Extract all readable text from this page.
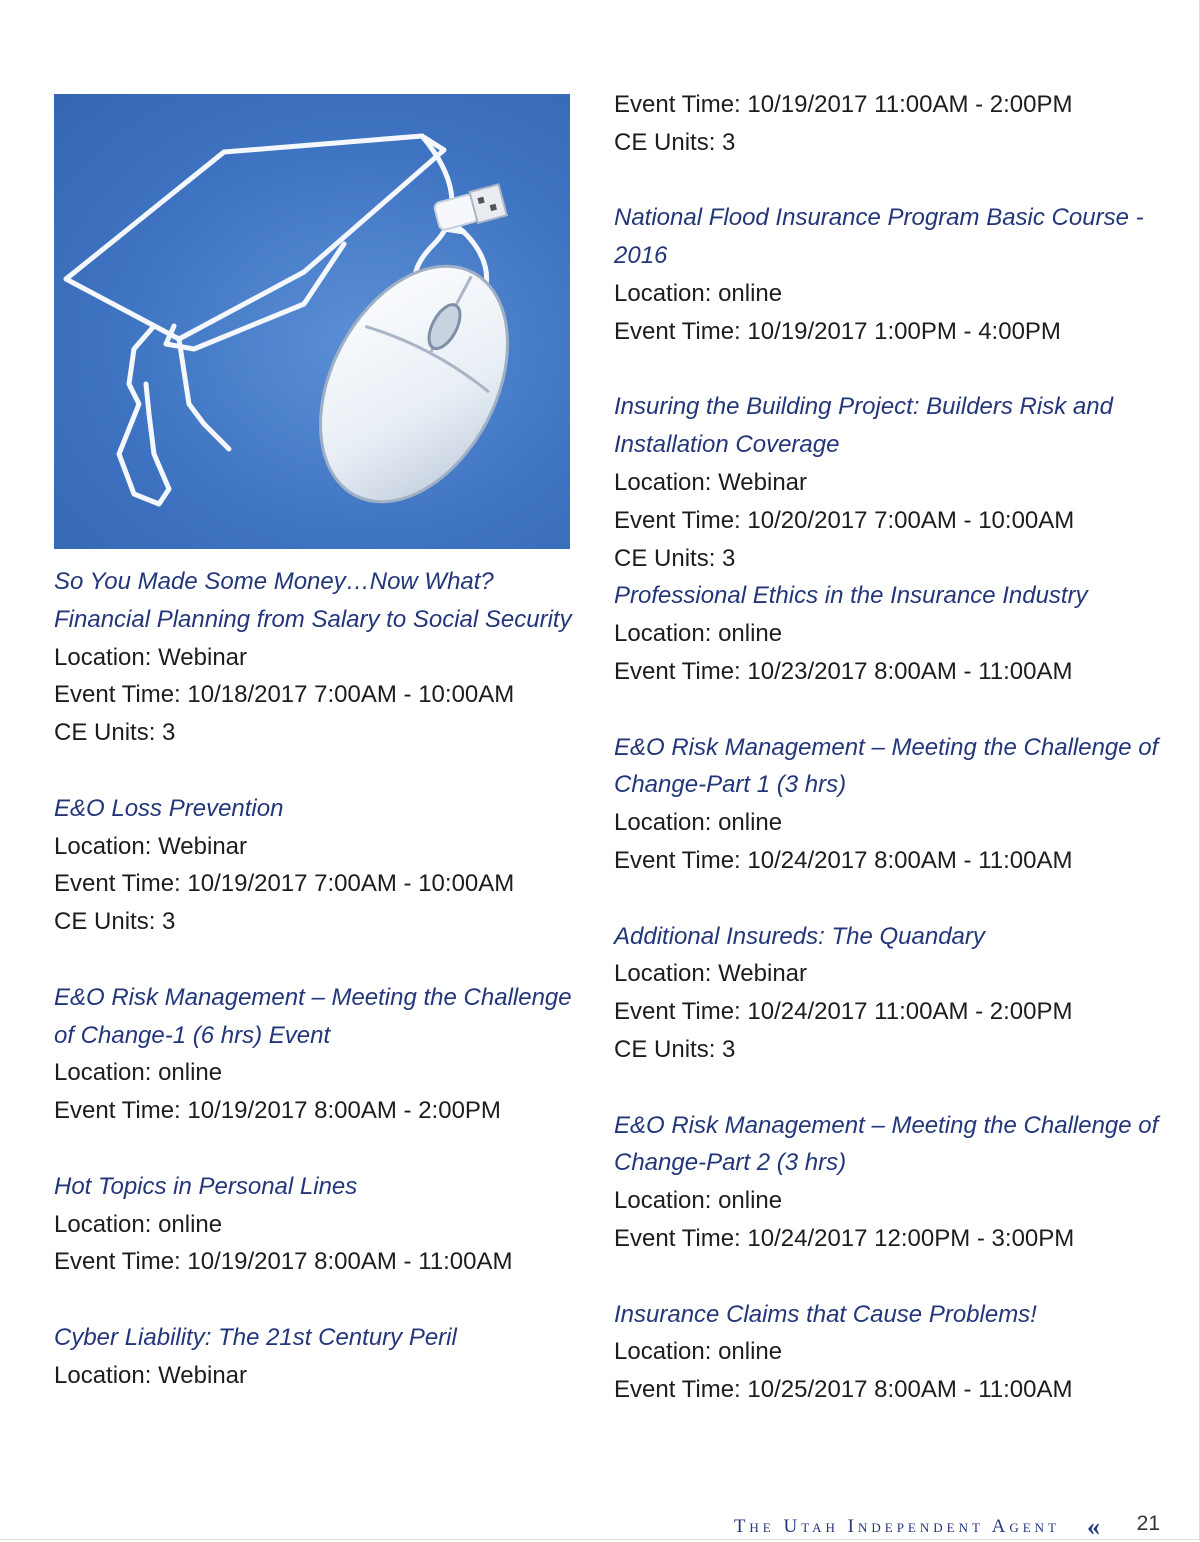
So You Made Some Money…Now What? Financial Planning from Salary to Social Security
Location: Webinar
Event Time: 10/18/2017 7:00AM - 10:00AM
CE Units: 3
E&O Loss Prevention
Location: Webinar
Event Time: 10/19/2017 7:00AM - 10:00AM
CE Units: 3
E&O Risk Management – Meeting the Challenge of Change-1 (6 hrs) Event
Location: online
Event Time: 10/19/2017 8:00AM - 2:00PM
Hot Topics in Personal Lines
Location: online
Event Time: 10/19/2017 8:00AM - 11:00AM
Cyber Liability: The 21st Century Peril
Location: Webinar
Event Time: 10/19/2017 11:00AM - 2:00PM
CE Units: 3
National Flood Insurance Program Basic Course - 2016
Location: online
Event Time: 10/19/2017 1:00PM - 4:00PM
Insuring the Building Project: Builders Risk and Installation Coverage
Location: Webinar
Event Time: 10/20/2017 7:00AM - 10:00AM
CE Units: 3
Professional Ethics in the Insurance Industry
Location: online
Event Time: 10/23/2017 8:00AM - 11:00AM
E&O Risk Management – Meeting the Challenge of Change-Part 1 (3 hrs)
Location: online
Event Time: 10/24/2017 8:00AM - 11:00AM
Additional Insureds: The Quandary
Location: Webinar
Event Time: 10/24/2017 11:00AM - 2:00PM
CE Units: 3
E&O Risk Management – Meeting the Challenge of Change-Part 2 (3 hrs)
Location: online
Event Time: 10/24/2017 12:00PM - 3:00PM
Insurance Claims that Cause Problems!
Location: online
Event Time: 10/25/2017 8:00AM - 11:00AM
The Utah Independent Agent « 21
